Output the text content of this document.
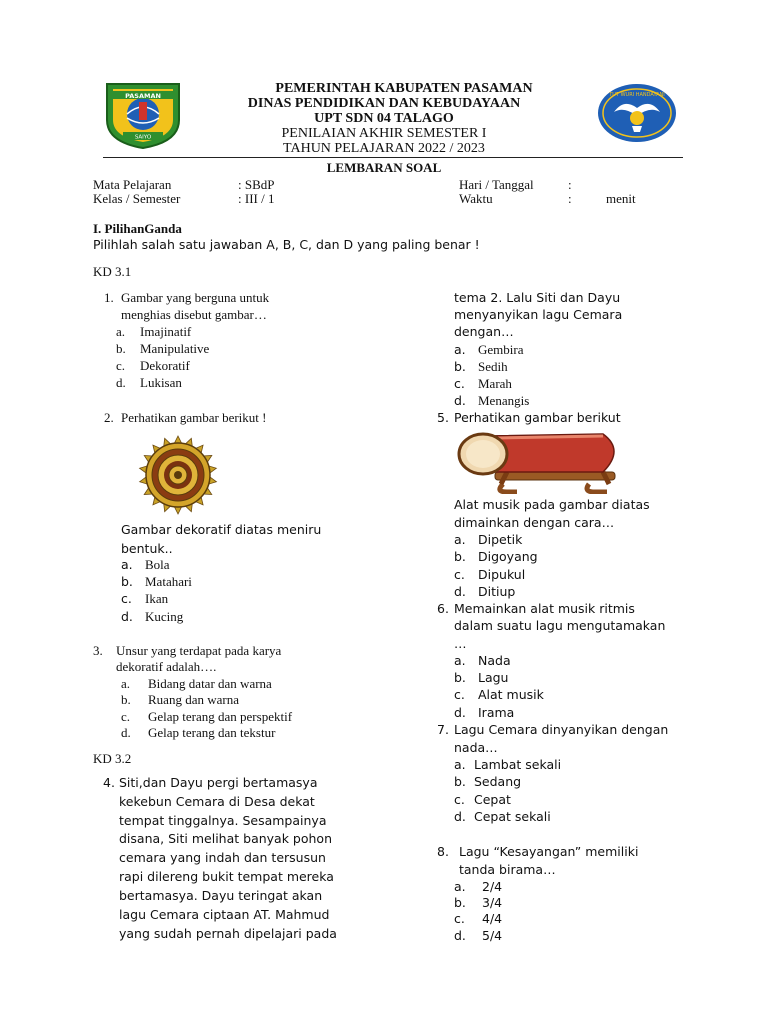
PASAMAN
SAIYO
TUT WURI HANDAYANI
PEMERINTAH KABUPATEN PASAMAN
DINAS PENDIDIKAN DAN KEBUDAYAAN
UPT SDN 04 TALAGO
PENILAIAN AKHIR SEMESTER I
TAHUN PELAJARAN 2022 / 2023
LEMBARAN SOAL
Mata Pelajaran	: SBdP	Hari / Tanggal	:
Kelas / Semester	: III / 1	Waktu	:	menit
I. PilihanGanda
Pilihlah salah satu jawaban A, B, C, dan D yang paling benar !
KD 3.1
1. Gambar yang berguna untuk
menghias disebut gambar…
a. Imajinatif
b. Manipulative
c. Dekoratif
d. Lukisan
2. Perhatikan gambar berikut !
Gambar dekoratif diatas meniru
bentuk..
a. Bola
b. Matahari
c. Ikan
d. Kucing
3. Unsur yang terdapat pada karya
dekoratif adalah….
a. Bidang datar dan warna
b. Ruang dan warna
c. Gelap terang dan perspektif
d. Gelap terang dan tekstur
KD 3.2
4. Siti,dan Dayu pergi bertamasya
kekebun Cemara di Desa dekat
tempat tinggalnya. Sesampainya
disana, Siti melihat banyak pohon
cemara yang indah dan tersusun
rapi dilereng bukit tempat mereka
bertamasya. Dayu teringat akan
lagu Cemara ciptaan AT. Mahmud
yang sudah pernah dipelajari pada
tema 2. Lalu Siti dan Dayu
menyanyikan lagu Cemara
dengan…
a. Gembira
b. Sedih
c. Marah
d. Menangis
5. Perhatikan gambar berikut
Alat musik pada gambar diatas
dimainkan dengan cara…
a. Dipetik
b. Digoyang
c. Dipukul
d. Ditiup
6. Memainkan alat musik ritmis
dalam suatu lagu mengutamakan
…
a. Nada
b. Lagu
c. Alat musik
d. Irama
7. Lagu Cemara dinyanyikan dengan
nada…
a. Lambat sekali
b. Sedang
c. Cepat
d. Cepat sekali
8. Lagu “Kesayangan” memiliki
tanda birama…
a. 2/4
b. 3/4
c. 4/4
d. 5/4
